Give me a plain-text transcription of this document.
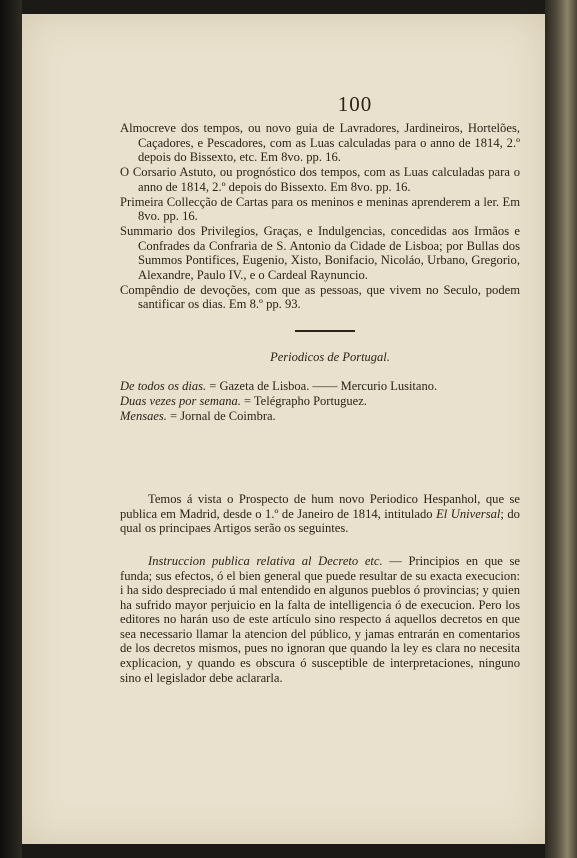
100

Almocreve dos tempos, ou novo guia de Lavradores, Jardineiros, Hortelões, Caçadores, e Pescadores, com as Luas calculadas para o anno de 1814, 2.º depois do Bissexto, etc. Em 8vo. pp. 16.

O Corsario Astuto, ou prognóstico dos tempos, com as Luas calculadas para o anno de 1814, 2.º depois do Bissexto. Em 8vo. pp. 16.

Primeira Collecção de Cartas para os meninos e meninas aprenderem a ler. Em 8vo. pp. 16.

Summario dos Privilegios, Graças, e Indulgencias, concedidas aos Irmãos e Confrades da Confraria de S. Antonio da Cidade de Lisboa; por Bullas dos Summos Pontifices, Eugenio, Xisto, Bonifacio, Nicoláo, Urbano, Gregorio, Alexandre, Paulo IV., e o Cardeal Raynuncio.

Compêndio de devoções, com que as pessoas, que vivem no Seculo, podem santificar os dias. Em 8.º pp. 93.

Periodicos de Portugal.

De todos os dias. = Gazeta de Lisboa. —— Mercurio Lusitano.

Duas vezes por semana. = Telégrapho Portuguez.

Mensaes. = Jornal de Coimbra.

Temos á vista o Prospecto de hum novo Periodico Hespanhol, que se publica em Madrid, desde o 1.º de Janeiro de 1814, intitulado El Universal; do qual os principaes Artigos serão os seguintes.

Instruccion publica relativa al Decreto etc. — Principios en que se funda; sus efectos, ó el bien general que puede resultar de su exacta execucion: i ha sido despreciado ú mal entendido en algunos pueblos ó provincias; y quien ha sufrido mayor perjuicio en la falta de intelligencia ó de execucion. Pero los editores no harán uso de este artículo sino respecto á aquellos decretos en que sea necessario llamar la atencion del público, y jamas entrarán en comentarios de los decretos mismos, pues no ignoran que quando la ley es clara no necesita explicacion, y quando es obscura ó susceptible de interpretaciones, ninguno sino el legislador debe aclararla.
